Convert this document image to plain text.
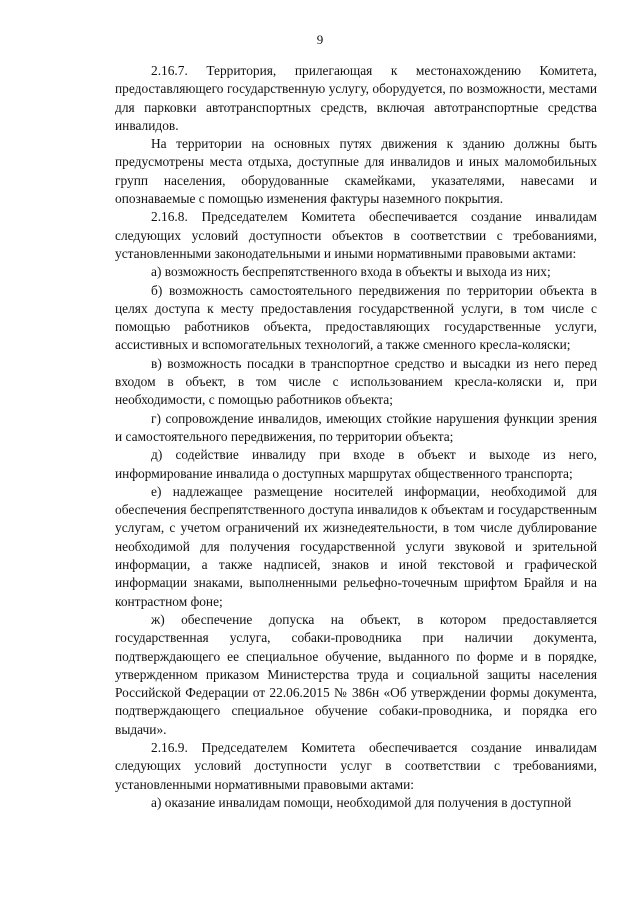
9

2.16.7. Территория, прилегающая к местонахождению Комитета, предоставляющего государственную услугу, оборудуется, по возможности, местами для парковки автотранспортных средств, включая автотранспортные средства инвалидов.

На территории на основных путях движения к зданию должны быть предусмотрены места отдыха, доступные для инвалидов и иных маломобильных групп населения, оборудованные скамейками, указателями, навесами и опознаваемые с помощью изменения фактуры наземного покрытия.

2.16.8. Председателем Комитета обеспечивается создание инвалидам следующих условий доступности объектов в соответствии с требованиями, установленными законодательными и иными нормативными правовыми актами:

а) возможность беспрепятственного входа в объекты и выхода из них;

б) возможность самостоятельного передвижения по территории объекта в целях доступа к месту предоставления государственной услуги, в том числе с помощью работников объекта, предоставляющих государственные услуги, ассистивных и вспомогательных технологий, а также сменного кресла-коляски;

в) возможность посадки в транспортное средство и высадки из него перед входом в объект, в том числе с использованием кресла-коляски и, при необходимости, с помощью работников объекта;

г) сопровождение инвалидов, имеющих стойкие нарушения функции зрения и самостоятельного передвижения, по территории объекта;

д) содействие инвалиду при входе в объект и выходе из него, информирование инвалида о доступных маршрутах общественного транспорта;

е) надлежащее размещение носителей информации, необходимой для обеспечения беспрепятственного доступа инвалидов к объектам и государственным услугам, с учетом ограничений их жизнедеятельности, в том числе дублирование необходимой для получения государственной услуги звуковой и зрительной информации, а также надписей, знаков и иной текстовой и графической информации знаками, выполненными рельефно-точечным шрифтом Брайля и на контрастном фоне;

ж) обеспечение допуска на объект, в котором предоставляется государственная услуга, собаки-проводника при наличии документа, подтверждающего ее специальное обучение, выданного по форме и в порядке, утвержденном приказом Министерства труда и социальной защиты населения Российской Федерации от 22.06.2015 № 386н «Об утверждении формы документа, подтверждающего специальное обучение собаки-проводника, и порядка его выдачи».

2.16.9. Председателем Комитета обеспечивается создание инвалидам следующих условий доступности услуг в соответствии с требованиями, установленными нормативными правовыми актами:

а) оказание инвалидам помощи, необходимой для получения в доступной
